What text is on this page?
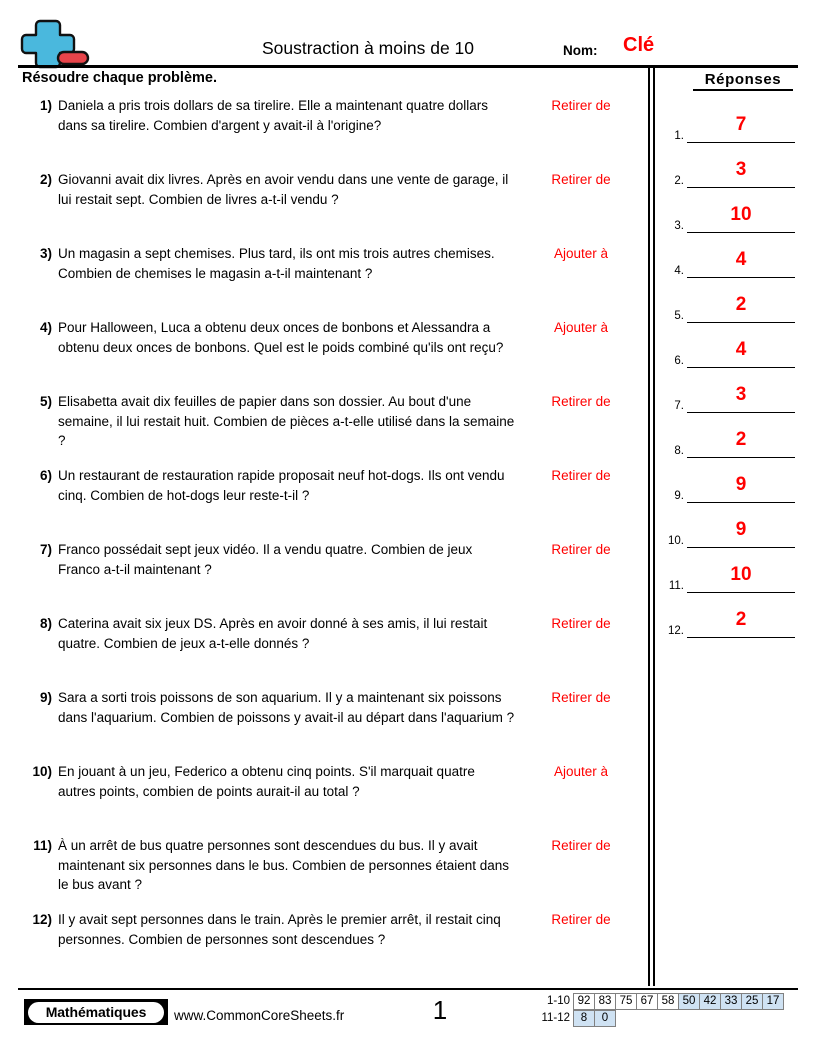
Soustraction à moins de 10	Nom: Clé
Résoudre chaque problème.
1) Daniela a pris trois dollars de sa tirelire. Elle a maintenant quatre dollars dans sa tirelire. Combien d'argent y avait-il à l'origine?
Retirer de
2) Giovanni avait dix livres. Après en avoir vendu dans une vente de garage, il lui restait sept. Combien de livres a-t-il vendu ?
Retirer de
3) Un magasin a sept chemises. Plus tard, ils ont mis trois autres chemises. Combien de chemises le magasin a-t-il maintenant ?
Ajouter à
4) Pour Halloween, Luca a obtenu deux onces de bonbons et Alessandra a obtenu deux onces de bonbons. Quel est le poids combiné qu'ils ont reçu?
Ajouter à
5) Elisabetta avait dix feuilles de papier dans son dossier. Au bout d'une semaine, il lui restait huit. Combien de pièces a-t-elle utilisé dans la semaine ?
Retirer de
6) Un restaurant de restauration rapide proposait neuf hot-dogs. Ils ont vendu cinq. Combien de hot-dogs leur reste-t-il ?
Retirer de
7) Franco possédait sept jeux vidéo. Il a vendu quatre. Combien de jeux Franco a-t-il maintenant ?
Retirer de
8) Caterina avait six jeux DS. Après en avoir donné à ses amis, il lui restait quatre. Combien de jeux a-t-elle donnés ?
Retirer de
9) Sara a sorti trois poissons de son aquarium. Il y a maintenant six poissons dans l'aquarium. Combien de poissons y avait-il au départ dans l'aquarium ?
Retirer de
10) En jouant à un jeu, Federico a obtenu cinq points. S'il marquait quatre autres points, combien de points aurait-il au total ?
Ajouter à
11) À un arrêt de bus quatre personnes sont descendues du bus. Il y avait maintenant six personnes dans le bus. Combien de personnes étaient dans le bus avant ?
Retirer de
12) Il y avait sept personnes dans le train. Après le premier arrêt, il restait cinq personnes. Combien de personnes sont descendues ?
Retirer de
Réponses
1.
7
2.
3
3.
10
4.
4
5.
2
6.
4
7.
3
8.
2
9.
9
10.
9
11.
10
12.
2
Mathématiques www.CommonCoreSheets.fr	1	1-10 92 83 75 67 58 50 42 33 25 17
11-12 8	0
